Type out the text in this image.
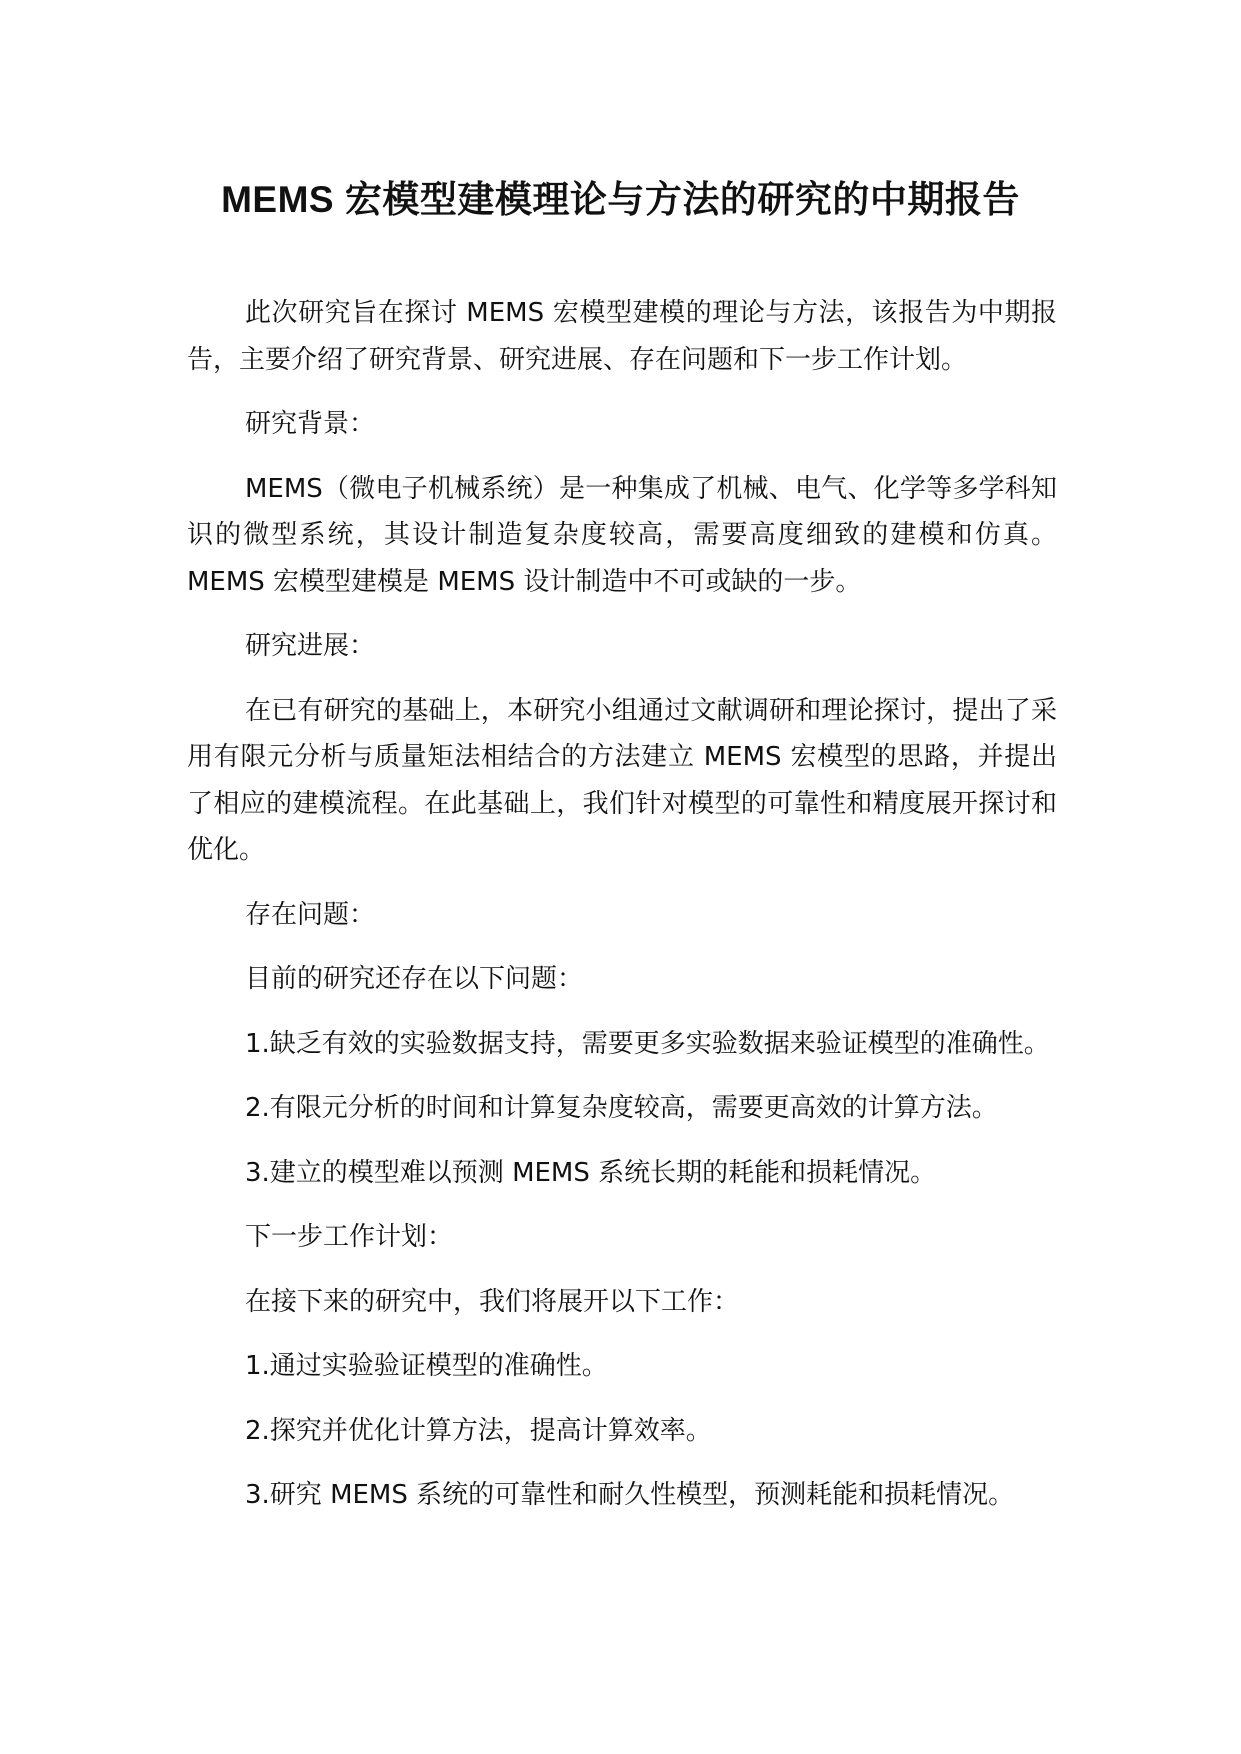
MEMS 宏模型建模理论与方法的研究的中期报告

此次研究旨在探讨 MEMS 宏模型建模的理论与方法，该报告为中期报告，主要介绍了研究背景、研究进展、存在问题和下一步工作计划。

研究背景：

MEMS（微电子机械系统）是一种集成了机械、电气、化学等多学科知识的微型系统，其设计制造复杂度较高，需要高度细致的建模和仿真。MEMS 宏模型建模是 MEMS 设计制造中不可或缺的一步。

研究进展：

在已有研究的基础上，本研究小组通过文献调研和理论探讨，提出了采用有限元分析与质量矩法相结合的方法建立 MEMS 宏模型的思路，并提出了相应的建模流程。在此基础上，我们针对模型的可靠性和精度展开探讨和优化。

存在问题：

目前的研究还存在以下问题：

1.缺乏有效的实验数据支持，需要更多实验数据来验证模型的准确性。

2.有限元分析的时间和计算复杂度较高，需要更高效的计算方法。

3.建立的模型难以预测 MEMS 系统长期的耗能和损耗情况。

下一步工作计划：

在接下来的研究中，我们将展开以下工作：

1.通过实验验证模型的准确性。

2.探究并优化计算方法，提高计算效率。

3.研究 MEMS 系统的可靠性和耐久性模型，预测耗能和损耗情况。
